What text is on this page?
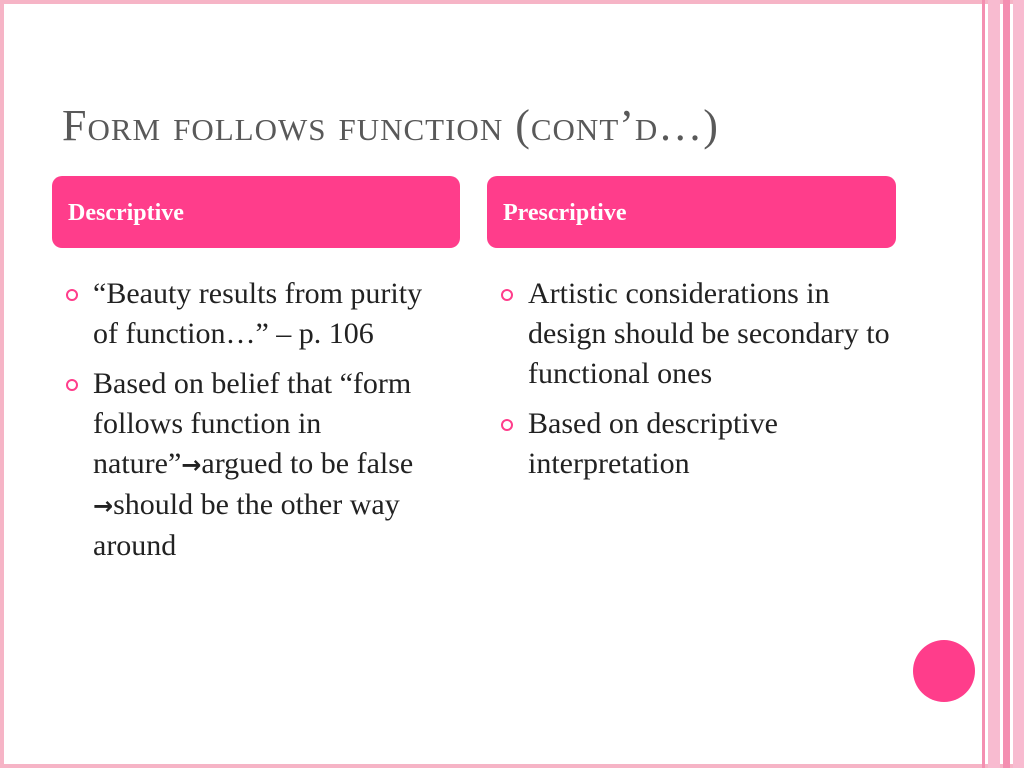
Form follows function (cont’d…)
Descriptive	Prescriptive
“Beauty results from purity of function…” – p. 106
Based on belief that “form follows function in nature”→argued to be false →should be the other way around
Artistic considerations in design should be secondary to functional ones
Based on descriptive interpretation
